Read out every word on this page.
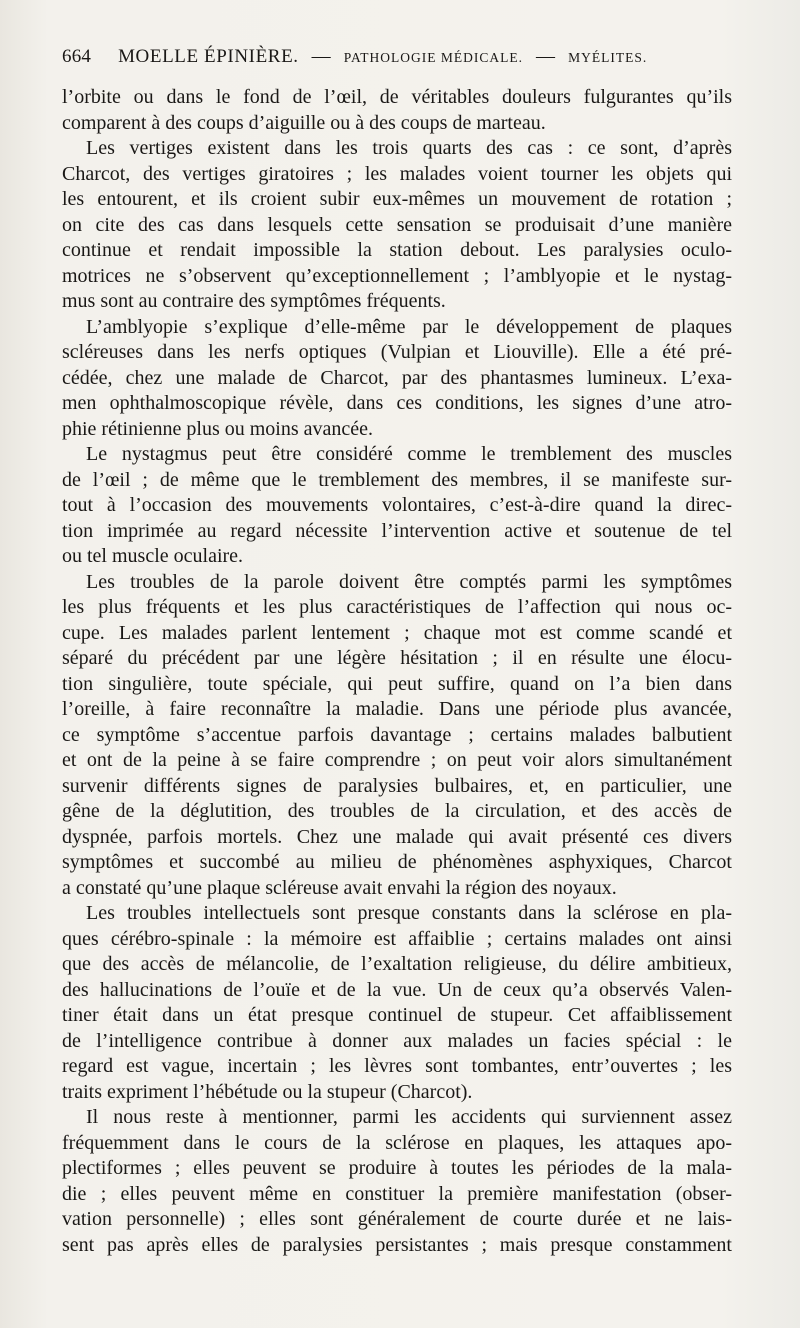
664 MOELLE ÉPINIÈRE. — PATHOLOGIE MÉDICALE. — MYÉLITES.
l’orbite ou dans le fond de l’œil, de véritables douleurs fulgurantes qu’ils
comparent à des coups d’aiguille ou à des coups de marteau.
Les vertiges existent dans les trois quarts des cas : ce sont, d’après
Charcot, des vertiges giratoires ; les malades voient tourner les objets qui
les entourent, et ils croient subir eux-mêmes un mouvement de rotation ;
on cite des cas dans lesquels cette sensation se produisait d’une manière
continue et rendait impossible la station debout. Les paralysies oculo-
motrices ne s’observent qu’exceptionnellement ; l’amblyopie et le nystag-
mus sont au contraire des symptômes fréquents.
L’amblyopie s’explique d’elle-même par le développement de plaques
scléreuses dans les nerfs optiques (Vulpian et Liouville). Elle a été pré-
cédée, chez une malade de Charcot, par des phantasmes lumineux. L’exa-
men ophthalmoscopique révèle, dans ces conditions, les signes d’une atro-
phie rétinienne plus ou moins avancée.
Le nystagmus peut être considéré comme le tremblement des muscles
de l’œil ; de même que le tremblement des membres, il se manifeste sur-
tout à l’occasion des mouvements volontaires, c’est-à-dire quand la direc-
tion imprimée au regard nécessite l’intervention active et soutenue de tel
ou tel muscle oculaire.
Les troubles de la parole doivent être comptés parmi les symptômes
les plus fréquents et les plus caractéristiques de l’affection qui nous oc-
cupe. Les malades parlent lentement ; chaque mot est comme scandé et
séparé du précédent par une légère hésitation ; il en résulte une élocu-
tion singulière, toute spéciale, qui peut suffire, quand on l’a bien dans
l’oreille, à faire reconnaître la maladie. Dans une période plus avancée,
ce symptôme s’accentue parfois davantage ; certains malades balbutient
et ont de la peine à se faire comprendre ; on peut voir alors simultanément
survenir différents signes de paralysies bulbaires, et, en particulier, une
gêne de la déglutition, des troubles de la circulation, et des accès de
dyspnée, parfois mortels. Chez une malade qui avait présenté ces divers
symptômes et succombé au milieu de phénomènes asphyxiques, Charcot
a constaté qu’une plaque scléreuse avait envahi la région des noyaux.
Les troubles intellectuels sont presque constants dans la sclérose en pla-
ques cérébro-spinale : la mémoire est affaiblie ; certains malades ont ainsi
que des accès de mélancolie, de l’exaltation religieuse, du délire ambitieux,
des hallucinations de l’ouïe et de la vue. Un de ceux qu’a observés Valen-
tiner était dans un état presque continuel de stupeur. Cet affaiblissement
de l’intelligence contribue à donner aux malades un facies spécial : le
regard est vague, incertain ; les lèvres sont tombantes, entr’ouvertes ; les
traits expriment l’hébétude ou la stupeur (Charcot).
Il nous reste à mentionner, parmi les accidents qui surviennent assez
fréquemment dans le cours de la sclérose en plaques, les attaques apo-
plectiformes ; elles peuvent se produire à toutes les périodes de la mala-
die ; elles peuvent même en constituer la première manifestation (obser-
vation personnelle) ; elles sont généralement de courte durée et ne lais-
sent pas après elles de paralysies persistantes ; mais presque constamment
